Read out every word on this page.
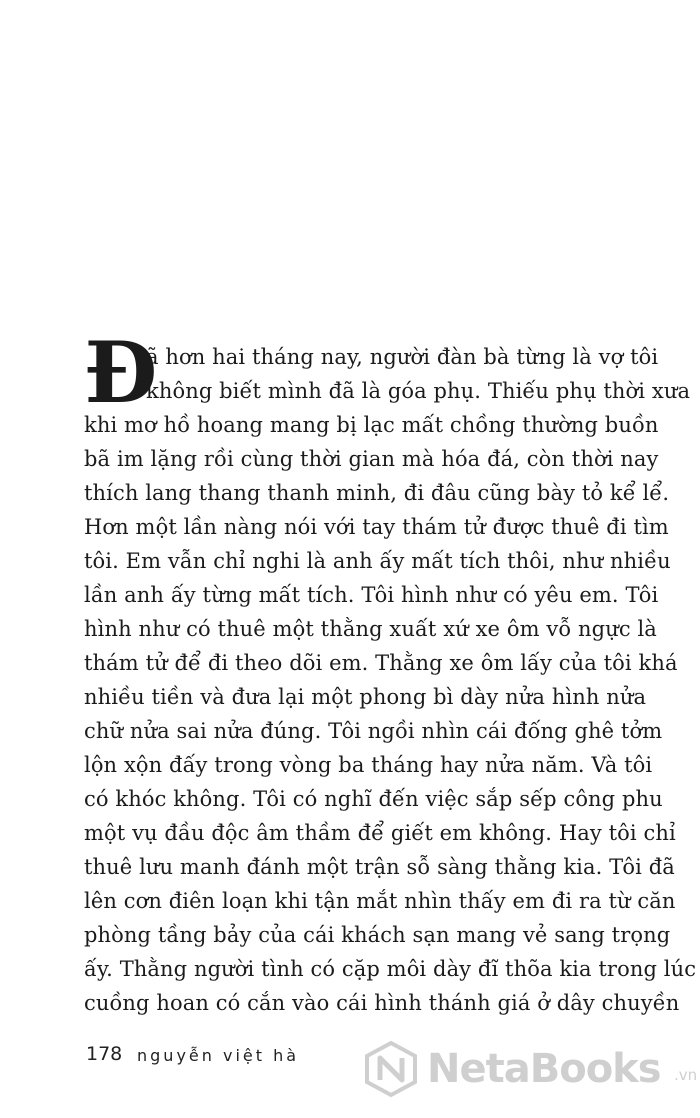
Đ
ã hơn hai tháng nay, người đàn bà từng là vợ tôi
không biết mình đã là góa phụ. Thiếu phụ thời xưa
khi mơ hồ hoang mang bị lạc mất chồng thường buồn
bã im lặng rồi cùng thời gian mà hóa đá, còn thời nay
thích lang thang thanh minh, đi đâu cũng bày tỏ kể lể.
Hơn một lần nàng nói với tay thám tử được thuê đi tìm
tôi. Em vẫn chỉ nghi là anh ấy mất tích thôi, như nhiều
lần anh ấy từng mất tích. Tôi hình như có yêu em. Tôi
hình như có thuê một thằng xuất xứ xe ôm vỗ ngực là
thám tử để đi theo dõi em. Thằng xe ôm lấy của tôi khá
nhiều tiền và đưa lại một phong bì dày nửa hình nửa
chữ nửa sai nửa đúng. Tôi ngồi nhìn cái đống ghê tởm
lộn xộn đấy trong vòng ba tháng hay nửa năm. Và tôi
có khóc không. Tôi có nghĩ đến việc sắp sếp công phu
một vụ đầu độc âm thầm để giết em không. Hay tôi chỉ
thuê lưu manh đánh một trận sỗ sàng thằng kia. Tôi đã
lên cơn điên loạn khi tận mắt nhìn thấy em đi ra từ căn
phòng tầng bảy của cái khách sạn mang vẻ sang trọng
ấy. Thằng người tình có cặp môi dày đĩ thõa kia trong lúc
cuồng hoan có cắn vào cái hình thánh giá ở dây chuyền
178 nguyễn việt hà	NetaBooks .vn
